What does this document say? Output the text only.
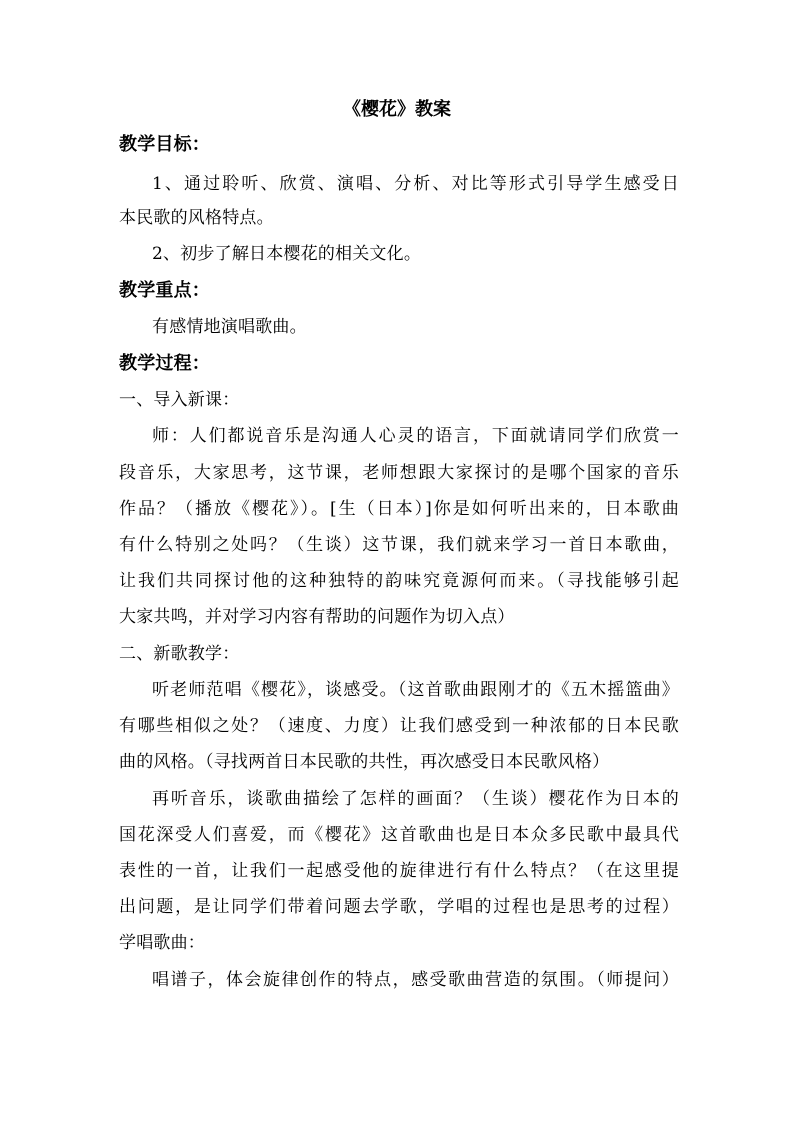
《樱花》教案
教学目标：
1、通过聆听、欣赏、演唱、分析、对比等形式引导学生感受日
本民歌的风格特点。
2、初步了解日本樱花的相关文化。
教学重点：
有感情地演唱歌曲。
教学过程：
一、导入新课：
师：人们都说音乐是沟通人心灵的语言，下面就请同学们欣赏一
段音乐，大家思考，这节课，老师想跟大家探讨的是哪个国家的音乐
作品？（播放《樱花》）。[生（日本）]你是如何听出来的，日本歌曲
有什么特别之处吗？（生谈）这节课，我们就来学习一首日本歌曲，
让我们共同探讨他的这种独特的韵味究竟源何而来。（寻找能够引起
大家共鸣，并对学习内容有帮助的问题作为切入点）
二、新歌教学：
听老师范唱《樱花》，谈感受。（这首歌曲跟刚才的《五木摇篮曲》
有哪些相似之处？（速度、力度）让我们感受到一种浓郁的日本民歌
曲的风格。（寻找两首日本民歌的共性，再次感受日本民歌风格）
再听音乐，谈歌曲描绘了怎样的画面？（生谈）樱花作为日本的
国花深受人们喜爱，而《樱花》这首歌曲也是日本众多民歌中最具代
表性的一首，让我们一起感受他的旋律进行有什么特点？（在这里提
出问题，是让同学们带着问题去学歌，学唱的过程也是思考的过程）
学唱歌曲：
唱谱子，体会旋律创作的特点，感受歌曲营造的氛围。（师提问）
